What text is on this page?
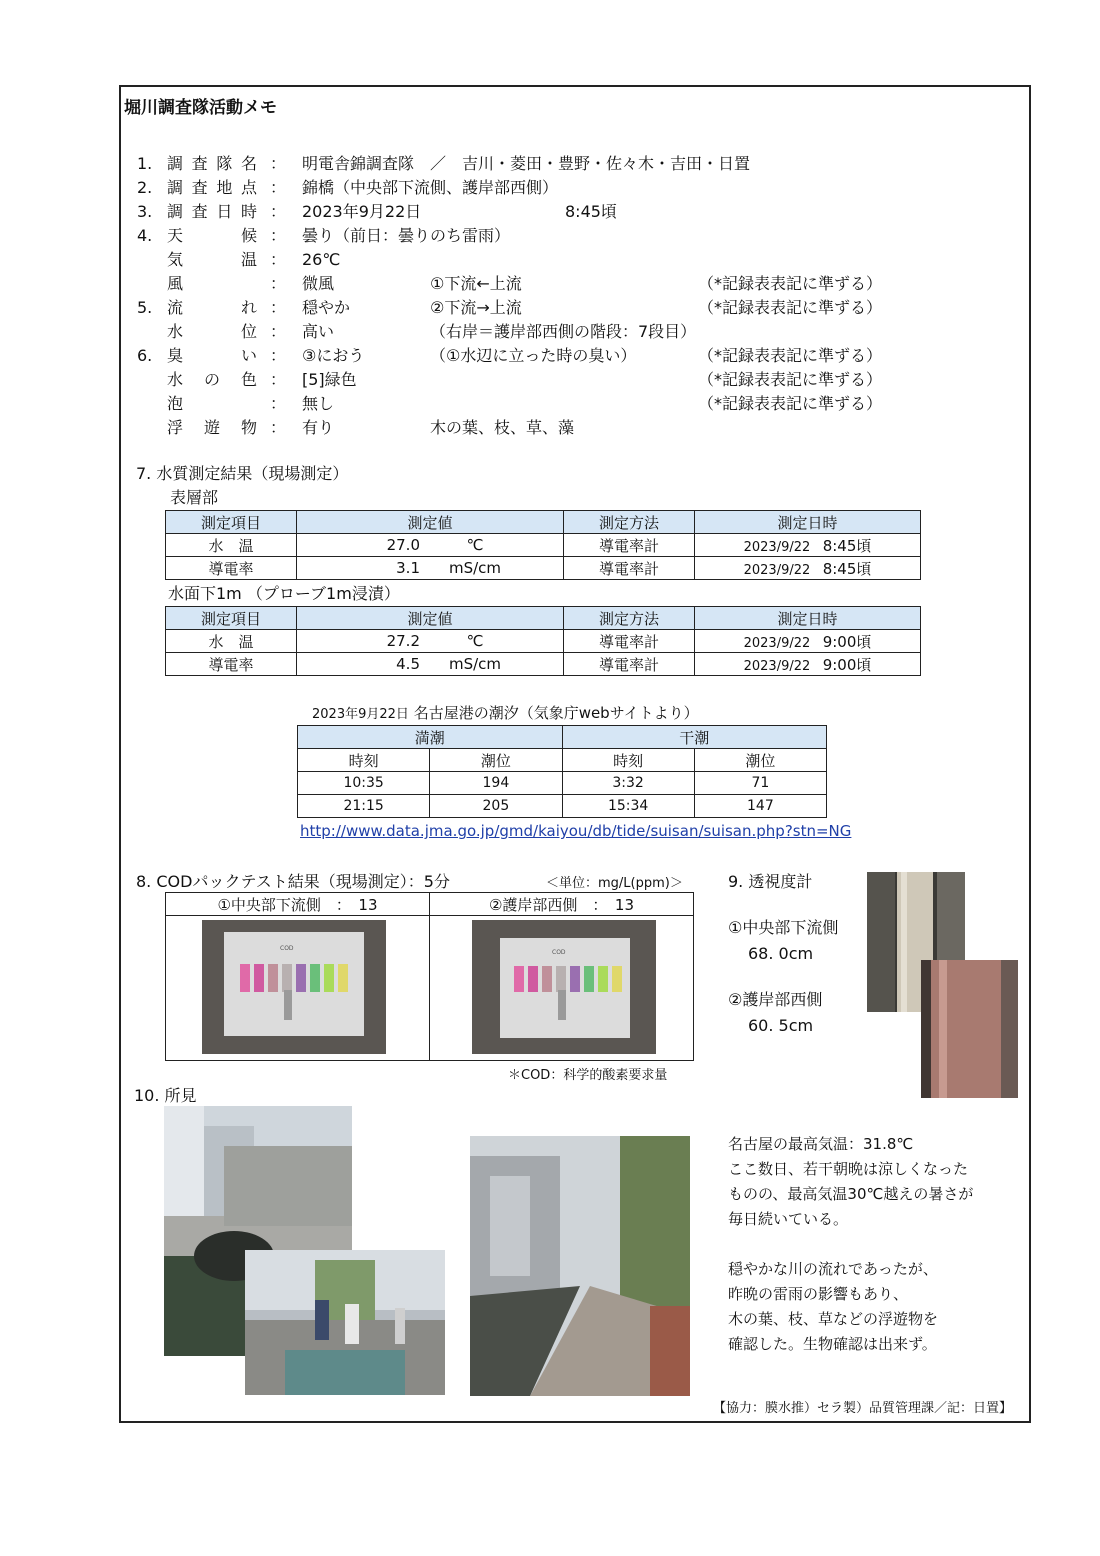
堀川調査隊活動メモ
1. 調査隊名 ： 明電舎錦調査隊　／　吉川・菱田・豊野・佐々木・吉田・日置
2. 調査地点 ： 錦橋（中央部下流側、護岸部西側）
3. 調査日時 ： 2023年9月22日	8:45頃
4. 天　　候 ： 曇り（前日：曇りのち雷雨）
気　　温 ： 26℃
風	： 微風	①下流←上流	（*記録表表記に準ずる）
5. 流　　れ ： 穏やか	②下流→上流	（*記録表表記に準ずる）
水　　位 ： 高い	（右岸＝護岸部西側の階段：7段目）
6. 臭　　い ： ③におう	（①水辺に立った時の臭い）	（*記録表表記に準ずる）
水 の 色 ： [5]緑色	（*記録表表記に準ずる）
泡	： 無し	（*記録表表記に準ずる）
浮 遊 物 ： 有り	木の葉、枝、草、藻
7. 水質測定結果（現場測定）
表層部
測定項目	測定値	測定方法	測定日時
水　温	27.0 ℃	導電率計	2023/9/22 8:45頃
導電率	3.1 mS/cm	導電率計	2023/9/22 8:45頃
水面下1m （プローブ1m浸漬）
測定項目	測定値	測定方法	測定日時
水　温	27.2 ℃	導電率計	2023/9/22 9:00頃
導電率	4.5 mS/cm	導電率計	2023/9/22 9:00頃
2023年9月22日 名古屋港の潮汐（気象庁webサイトより）
満潮		干潮	
時刻	潮位	時刻	潮位
10:35	194	3:32	71
21:15	205	15:34	147
http://www.data.jma.go.jp/gmd/kaiyou/db/tide/suisan/suisan.php?stn=NG
8. CODパックテスト結果（現場測定）：5分	＜単位：mg/L(ppm)＞
①中央部下流側　：　13	②護岸部西側　：　13
COD
COD
＊COD：科学的酸素要求量
9. 透視度計
①中央部下流側
68. 0cm
②護岸部西側
60. 5cm
10. 所見
名古屋の最高気温：31.8℃
ここ数日、若干朝晩は涼しくなった
ものの、最高気温30℃越えの暑さが
毎日続いている。
穏やかな川の流れであったが、
昨晩の雷雨の影響もあり、
木の葉、枝、草などの浮遊物を
確認した。生物確認は出来ず。
【協力：膜水推）セラ製）品質管理課／記：日置】
